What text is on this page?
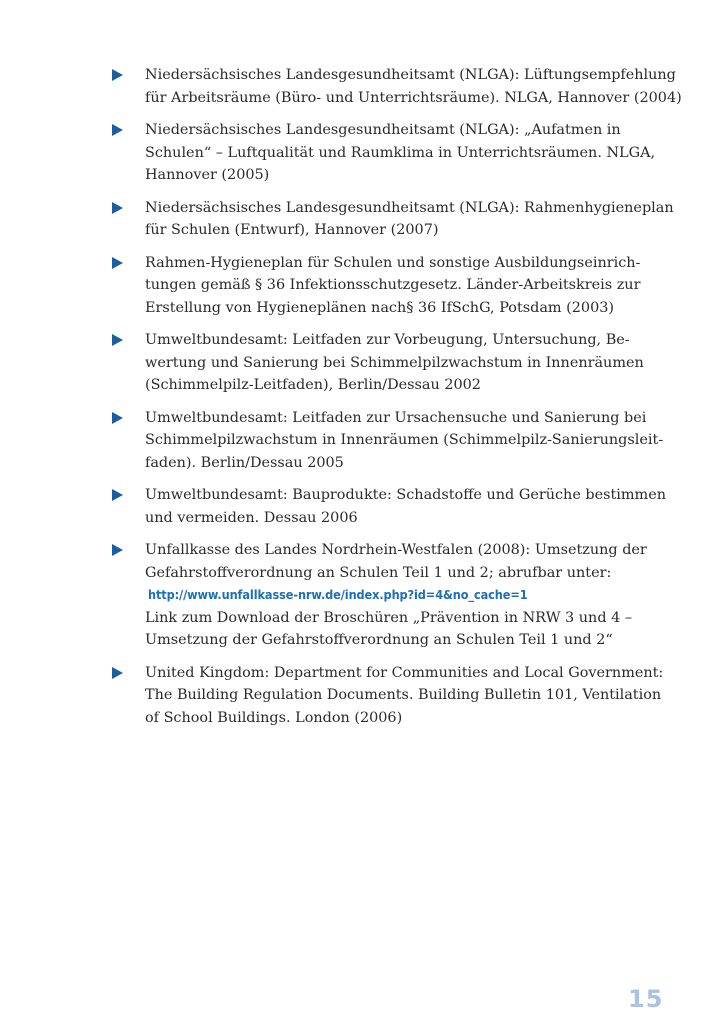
Niedersächsisches Landesgesundheitsamt (NLGA): Lüftungsempfehlung
für Arbeitsräume (Büro- und Unterrichtsräume). NLGA, Hannover (2004)
Niedersächsisches Landesgesundheitsamt (NLGA): „Aufatmen in
Schulen“ – Luftqualität und Raumklima in Unterrichtsräumen. NLGA,
Hannover (2005)
Niedersächsisches Landesgesundheitsamt (NLGA): Rahmenhygieneplan
für Schulen (Entwurf), Hannover (2007)
Rahmen-Hygieneplan für Schulen und sonstige Ausbildungseinrich-
tungen gemäß § 36 Infektionsschutzgesetz. Länder-Arbeitskreis zur
Erstellung von Hygieneplänen nach§ 36 IfSchG, Potsdam (2003)
Umweltbundesamt: Leitfaden zur Vorbeugung, Untersuchung, Be-
wertung und Sanierung bei Schimmelpilzwachstum in Innenräumen
(Schimmelpilz-Leitfaden), Berlin/Dessau 2002
Umweltbundesamt: Leitfaden zur Ursachensuche und Sanierung bei
Schimmelpilzwachstum in Innenräumen (Schimmelpilz-Sanierungsleit-
faden). Berlin/Dessau 2005
Umweltbundesamt: Bauprodukte: Schadstoffe und Gerüche bestimmen
und vermeiden. Dessau 2006
Unfallkasse des Landes Nordrhein-Westfalen (2008): Umsetzung der
Gefahrstoffverordnung an Schulen Teil 1 und 2; abrufbar unter:
http://www.unfallkasse-nrw.de/index.php?id=4&no_cache=1
Link zum Download der Broschüren „Prävention in NRW 3 und 4 –
Umsetzung der Gefahrstoffverordnung an Schulen Teil 1 und 2“
United Kingdom: Department for Communities and Local Government:
The Building Regulation Documents. Building Bulletin 101, Ventilation
of School Buildings. London (2006)
15
